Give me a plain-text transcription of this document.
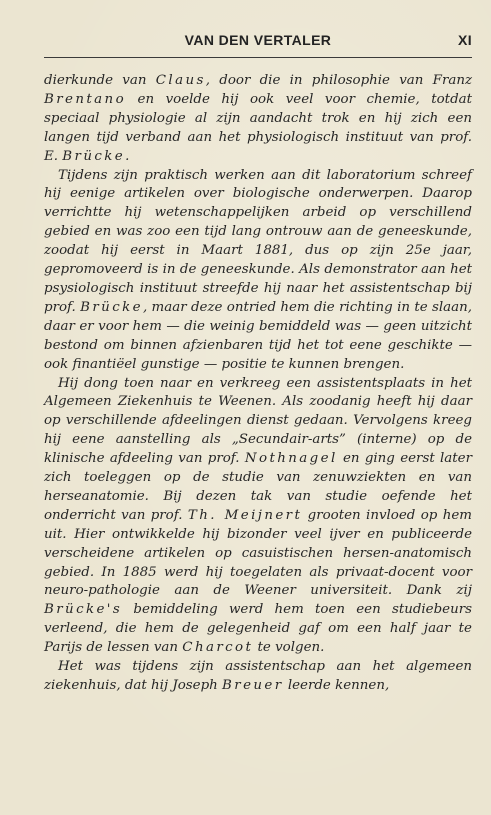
VAN DEN VERTALER	XI

dierkunde van Claus, door die in philosophie van Franz Brentano en voelde hij ook veel voor chemie, totdat speciaal physiologie al zijn aandacht trok en hij zich een langen tijd verband aan het physiologisch instituut van prof. E. Brücke.

Tijdens zijn praktisch werken aan dit laboratorium schreef hij eenige artikelen over biologische onderwerpen. Daarop verrichtte hij wetenschappelijken arbeid op verschillend gebied en was zoo een tijd lang ontrouw aan de geneeskunde, zoodat hij eerst in Maart 1881, dus op zijn 25e jaar, gepromoveerd is in de geneeskunde. Als demonstrator aan het psysiologisch instituut streefde hij naar het assistentschap bij prof. Brücke, maar deze ontried hem die richting in te slaan, daar er voor hem — die weinig bemiddeld was — geen uitzicht bestond om binnen afzienbaren tijd het tot eene geschikte — ook finantiëel gunstige — positie te kunnen brengen.

Hij dong toen naar en verkreeg een assistentsplaats in het Algemeen Ziekenhuis te Weenen. Als zoodanig heeft hij daar op verschillende afdeelingen dienst gedaan. Vervolgens kreeg hij eene aanstelling als „Secundair-arts” (interne) op de klinische afdeeling van prof. Nothnagel en ging eerst later zich toeleggen op de studie van zenuwziekten en van herseanatomie. Bij dezen tak van studie oefende het onderricht van prof. Th. Meijnert grooten invloed op hem uit. Hier ontwikkelde hij bizonder veel ijver en publiceerde verscheidene artikelen op casuistischen hersen-anatomisch gebied. In 1885 werd hij toegelaten als privaat-docent voor neuro-pathologie aan de Weener universiteit. Dank zij Brücke's bemiddeling werd hem toen een studiebeurs verleend, die hem de gelegenheid gaf om een half jaar te Parijs de lessen van Charcot te volgen.

Het was tijdens zijn assistentschap aan het algemeen ziekenhuis, dat hij Joseph Breuer leerde kennen,
